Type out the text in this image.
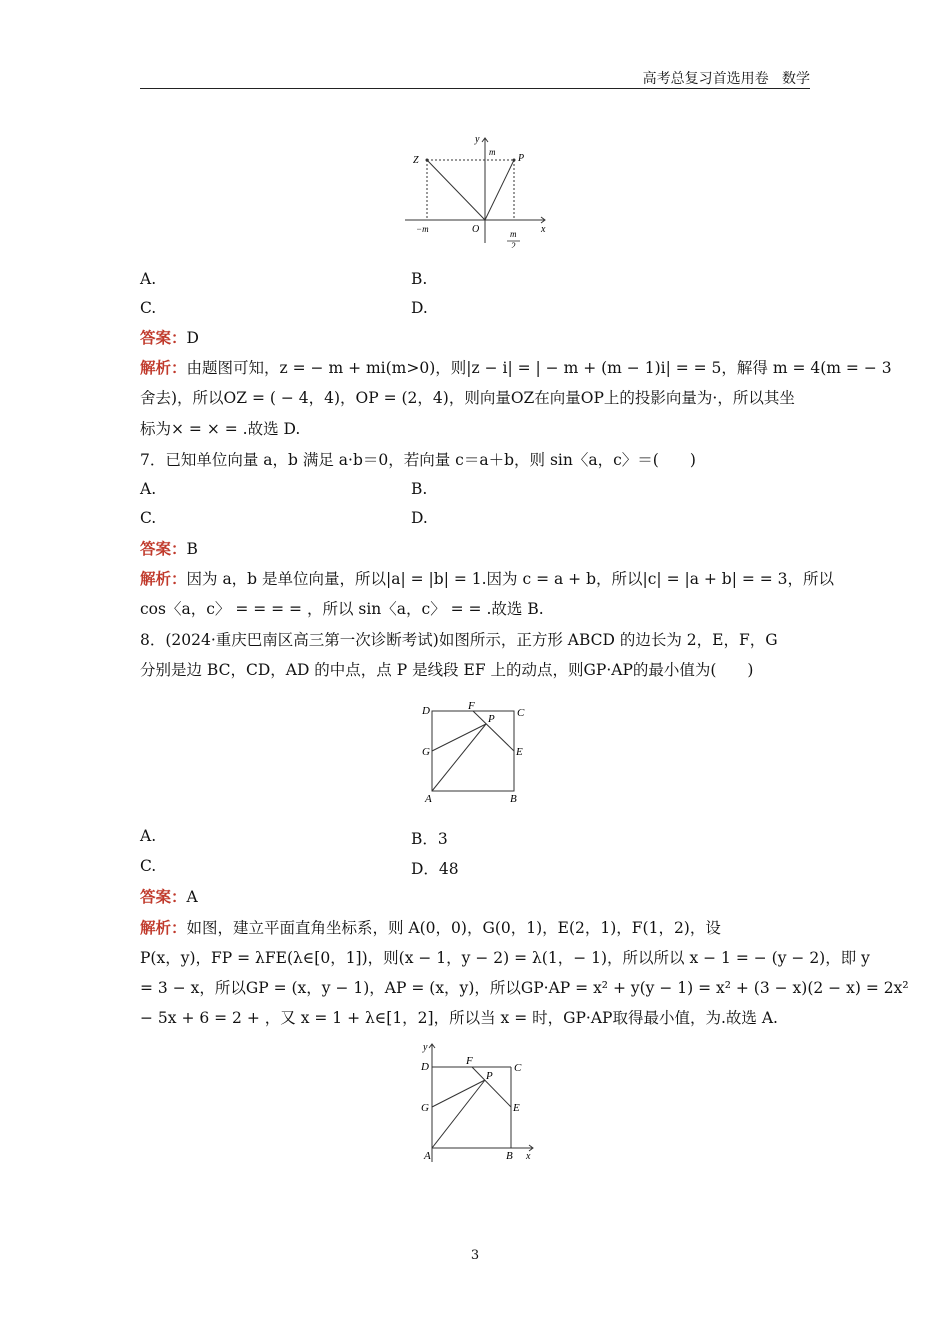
高考总复习首选用卷 数学
y
Z
m
P
−m	O	m
2
x
A.	B.
C.	D.
答案：D
解析：由题图可知，z = − m + mi(m>0)，则|z − i| = | − m + (m − 1)i| = = 5，解得 m = 4(m = − 3
舍去)，所以OZ = ( − 4，4)，OP = (2，4)，则向量OZ在向量OP上的投影向量为·，所以其坐
标为× = × = .故选 D.
7．已知单位向量 a，b 满足 a·b＝0，若向量 c＝a＋b，则 sin〈a，c〉＝(　　)
A.	B.
C.	D.
答案：B
解析：因为 a，b 是单位向量，所以|a| = |b| = 1.因为 c = a + b，所以|c| = |a + b| = = 3，所以
cos〈a，c〉 = = = = ，所以 sin〈a，c〉 = = .故选 B.
8．(2024·重庆巴南区高三第一次诊断考试)如图所示，正方形 ABCD 的边长为 2，E，F，G
分别是边 BC，CD，AD 的中点，点 P 是线段 EF 上的动点，则GP·AP的最小值为(　　)
D	F
P C
G	E
A	B
A.	B．3
C.	D．48
答案：A
解析：如图，建立平面直角坐标系，则 A(0，0)，G(0，1)，E(2，1)，F(1，2)，设
P(x，y)，FP = λFE(λ∈[0，1])，则(x − 1，y − 2) = λ(1，− 1)，所以所以 x − 1 = − (y − 2)，即 y
= 3 − x，所以GP = (x，y − 1)，AP = (x，y)，所以GP·AP = x² + y(y − 1) = x² + (3 − x)(2 − x) = 2x²
− 5x + 6 = 2 + ，又 x = 1 + λ∈[1，2]，所以当 x = 时，GP·AP取得最小值，为.故选 A.
y
D	F
C
P
G	E
A	B x
3
